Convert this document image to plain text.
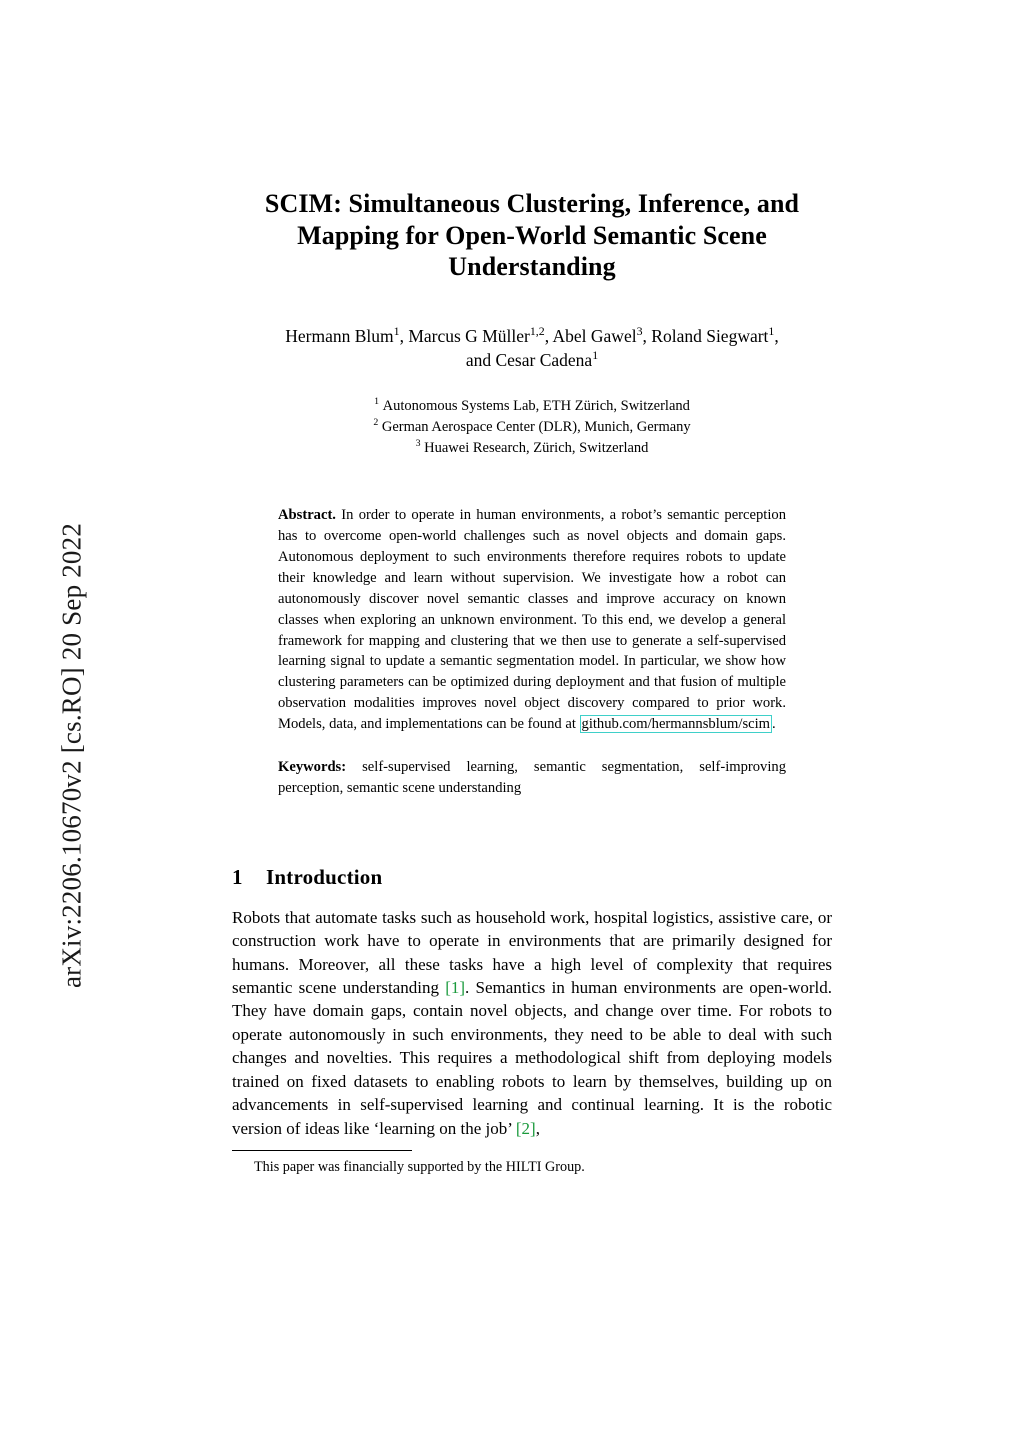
arXiv:2206.10670v2 [cs.RO] 20 Sep 2022
SCIM: Simultaneous Clustering, Inference, and
Mapping for Open-World Semantic Scene
Understanding
Hermann Blum$^1$, Marcus G Müller$^{1,2}$, Abel Gawel$^3$, Roland Siegwart$^1$,
and Cesar Cadena$^1$
$^1$ Autonomous Systems Lab, ETH Zürich, Switzerland
$^2$ German Aerospace Center (DLR), Munich, Germany
$^3$ Huawei Research, Zürich, Switzerland
Abstract. In order to operate in human environments, a robot’s semantic perception has to overcome open-world challenges such as novel objects and domain gaps. Autonomous deployment to such environments therefore requires robots to update their knowledge and learn without supervision. We investigate how a robot can autonomously discover novel semantic classes and improve accuracy on known classes when exploring an unknown environment. To this end, we develop a general framework for mapping and clustering that we then use to generate a self-supervised learning signal to update a semantic segmentation model. In particular, we show how clustering parameters can be optimized during deployment and that fusion of multiple observation modalities improves novel object discovery compared to prior work. Models, data, and implementations can be found at github.com/hermannsblum/scim .
Keywords: self-supervised learning, semantic segmentation, self-improving perception, semantic scene understanding
1 Introduction
Robots that automate tasks such as household work, hospital logistics, assistive care, or construction work have to operate in environments that are primarily designed for humans. Moreover, all these tasks have a high level of complexity that requires semantic scene understanding [1]. Semantics in human environments are open-world. They have domain gaps, contain novel objects, and change over time. For robots to operate autonomously in such environments, they need to be able to deal with such changes and novelties. This requires a methodological shift from deploying models trained on fixed datasets to enabling robots to learn by themselves, building up on advancements in self-supervised learning and continual learning. It is the robotic version of ideas like ‘learning on the job’ [2],
This paper was financially supported by the HILTI Group.
